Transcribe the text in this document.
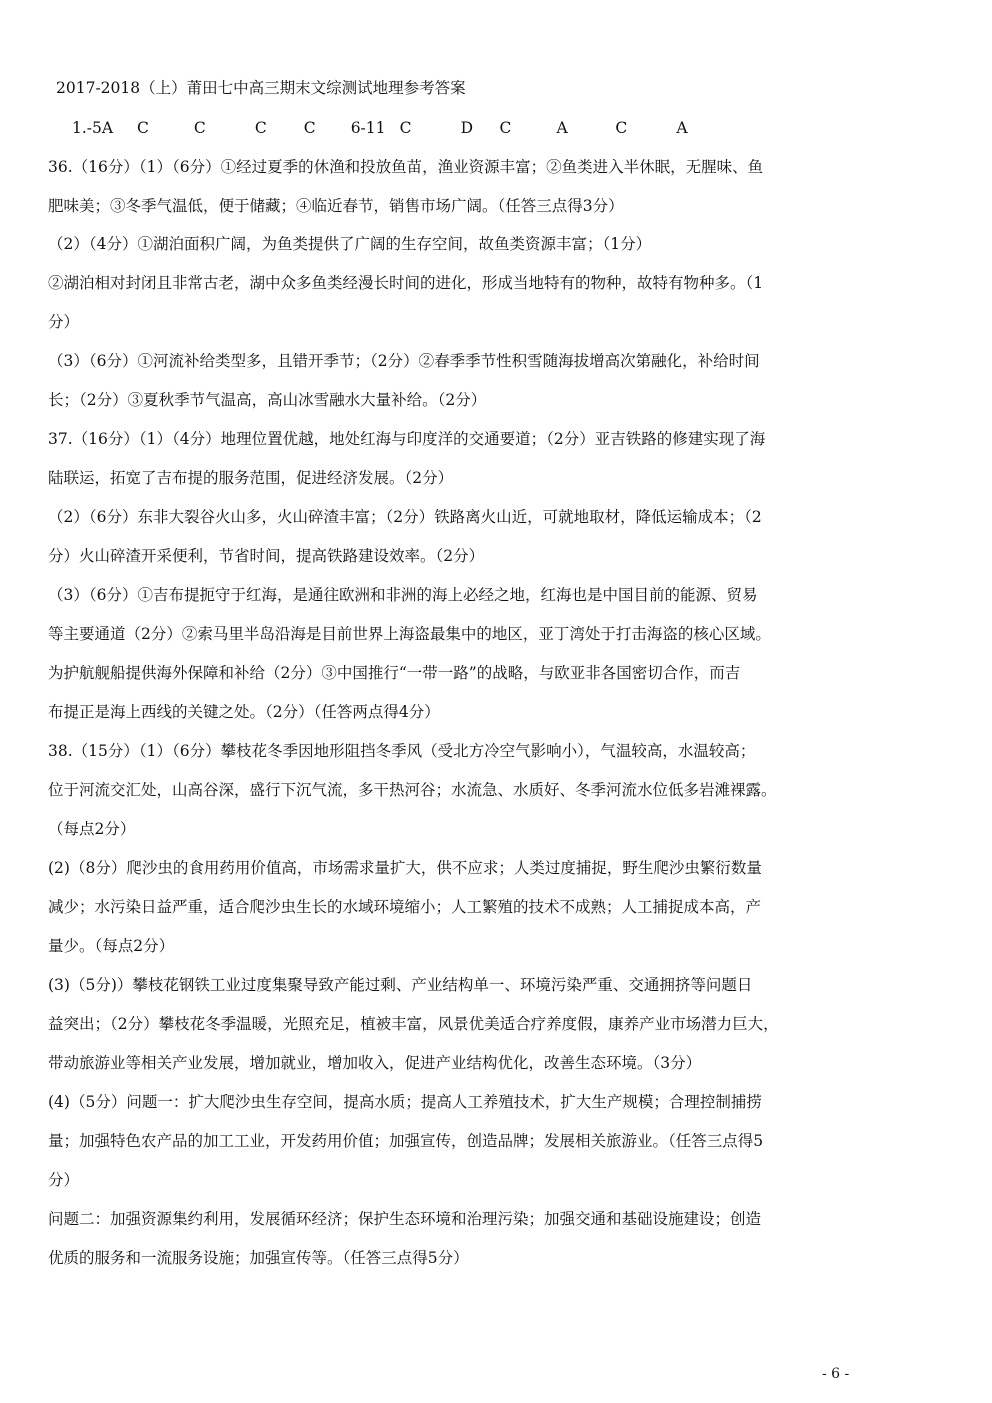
2017-2018（上）莆田七中高三期末文综测试地理参考答案
1.-5A C	C	C C 6-11 C	D C	A	C	A
36.（16分）（1）（6分）①经过夏季的休渔和投放鱼苗，渔业资源丰富；②鱼类进入半休眠，无腥味、鱼
肥味美；③冬季气温低，便于储藏；④临近春节，销售市场广阔。（任答三点得3分）
（2）（4分）①湖泊面积广阔，为鱼类提供了广阔的生存空间，故鱼类资源丰富；（1分）
②湖泊相对封闭且非常古老，湖中众多鱼类经漫长时间的进化，形成当地特有的物种，故特有物种多。（1
分）
（3）（6分）①河流补给类型多，且错开季节；（2分）②春季季节性积雪随海拔增高次第融化，补给时间
长；（2分）③夏秋季节气温高，高山冰雪融水大量补给。（2分）
37.（16分）（1）（4分）地理位置优越，地处红海与印度洋的交通要道；（2分）亚吉铁路的修建实现了海
陆联运，拓宽了吉布提的服务范围，促进经济发展。（2分）
（2）（6分）东非大裂谷火山多，火山碎渣丰富；（2分）铁路离火山近，可就地取材，降低运输成本；（2
分）火山碎渣开采便利，节省时间，提高铁路建设效率。（2分）
（3）（6分）①吉布提扼守于红海，是通往欧洲和非洲的海上必经之地，红海也是中国目前的能源、贸易
等主要通道（2分）②索马里半岛沿海是目前世界上海盗最集中的地区，亚丁湾处于打击海盗的核心区域。
为护航舰船提供海外保障和补给（2分）③中国推行“一带一路”的战略，与欧亚非各国密切合作，而吉
布提正是海上西线的关键之处。（2分）（任答两点得4分）
38.（15分）（1）（6分）攀枝花冬季因地形阻挡冬季风（受北方冷空气影响小），气温较高，水温较高；
位于河流交汇处，山高谷深，盛行下沉气流，多干热河谷；水流急、水质好、冬季河流水位低多岩滩裸露。
（每点2分）
(2)（8分）爬沙虫的食用药用价值高，市场需求量扩大，供不应求；人类过度捕捉，野生爬沙虫繁衍数量
减少；水污染日益严重，适合爬沙虫生长的水域环境缩小；人工繁殖的技术不成熟；人工捕捉成本高，产
量少。（每点2分）
(3)（5分)）攀枝花钢铁工业过度集聚导致产能过剩、产业结构单一、环境污染严重、交通拥挤等问题日
益突出；（2分）攀枝花冬季温暖，光照充足，植被丰富，风景优美适合疗养度假，康养产业市场潜力巨大，
带动旅游业等相关产业发展，增加就业，增加收入，促进产业结构优化，改善生态环境。（3分）
(4)（5分）问题一：扩大爬沙虫生存空间，提高水质；提高人工养殖技术，扩大生产规模；合理控制捕捞
量；加强特色农产品的加工工业，开发药用价值；加强宣传，创造品牌；发展相关旅游业。（任答三点得5
分）
问题二：加强资源集约利用，发展循环经济；保护生态环境和治理污染；加强交通和基础设施建设；创造
优质的服务和一流服务设施；加强宣传等。（任答三点得5分）
- 6 -
